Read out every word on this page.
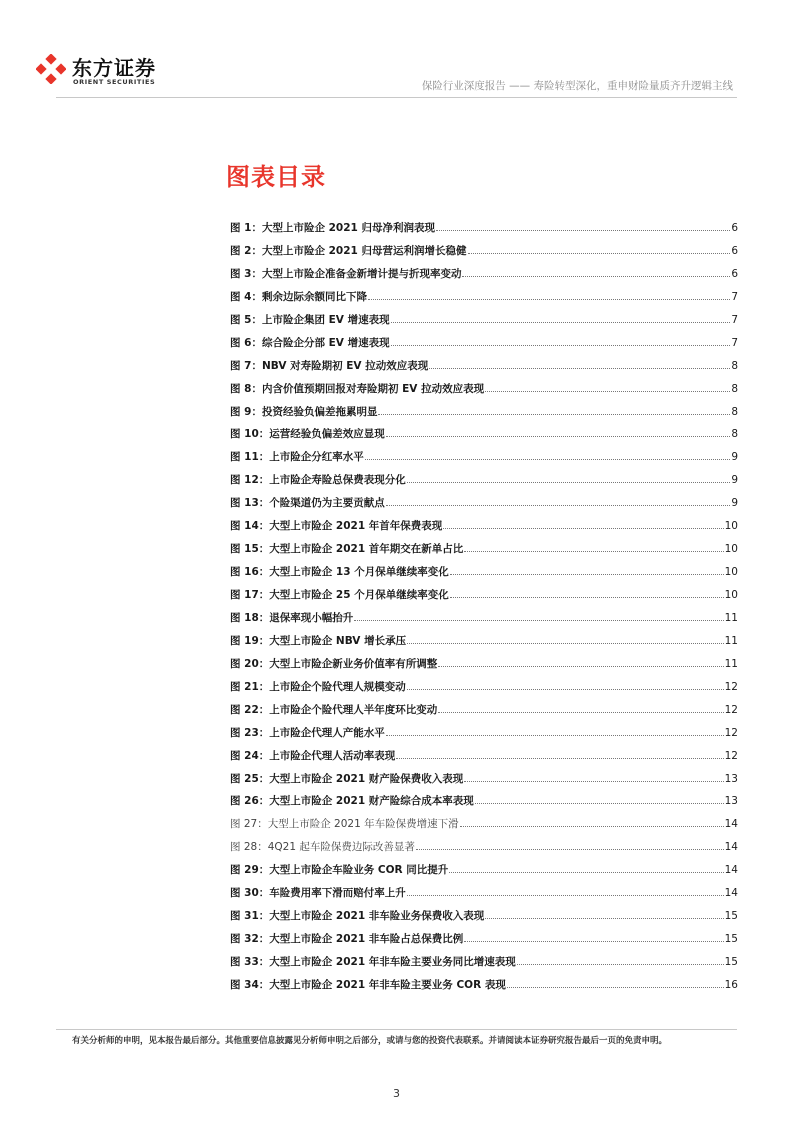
东方证券
ORIENT SECURITIES	保险行业深度报告 —— 寿险转型深化，重申财险量质齐升逻辑主线
图表目录
图 1：大型上市险企 2021 归母净利润表现	6
图 2：大型上市险企 2021 归母营运利润增长稳健	6
图 3：大型上市险企准备金新增计提与折现率变动	6
图 4：剩余边际余额同比下降	7
图 5：上市险企集团 EV 增速表现	7
图 6：综合险企分部 EV 增速表现	7
图 7：NBV 对寿险期初 EV 拉动效应表现	8
图 8：内含价值预期回报对寿险期初 EV 拉动效应表现	8
图 9：投资经验负偏差拖累明显	8
图 10：运营经验负偏差效应显现	8
图 11：上市险企分红率水平	9
图 12：上市险企寿险总保费表现分化	9
图 13：个险渠道仍为主要贡献点	9
图 14：大型上市险企 2021 年首年保费表现	10
图 15：大型上市险企 2021 首年期交在新单占比	10
图 16：大型上市险企 13 个月保单继续率变化	10
图 17：大型上市险企 25 个月保单继续率变化	10
图 18：退保率现小幅抬升	11
图 19：大型上市险企 NBV 增长承压	11
图 20：大型上市险企新业务价值率有所调整	11
图 21：上市险企个险代理人规模变动	12
图 22：上市险企个险代理人半年度环比变动	12
图 23：上市险企代理人产能水平	12
图 24：上市险企代理人活动率表现	12
图 25：大型上市险企 2021 财产险保费收入表现	13
图 26：大型上市险企 2021 财产险综合成本率表现	13
图 27：大型上市险企 2021 年车险保费增速下滑	14
图 28：4Q21 起车险保费边际改善显著	14
图 29：大型上市险企车险业务 COR 同比提升	14
图 30：车险费用率下滑而赔付率上升	14
图 31：大型上市险企 2021 非车险业务保费收入表现	15
图 32：大型上市险企 2021 非车险占总保费比例	15
图 33：大型上市险企 2021 年非车险主要业务同比增速表现	15
图 34：大型上市险企 2021 年非车险主要业务 COR 表现	16
有关分析师的申明，见本报告最后部分。其他重要信息披露见分析师申明之后部分，或请与您的投资代表联系。并请阅读本证券研究报告最后一页的免责申明。
3
